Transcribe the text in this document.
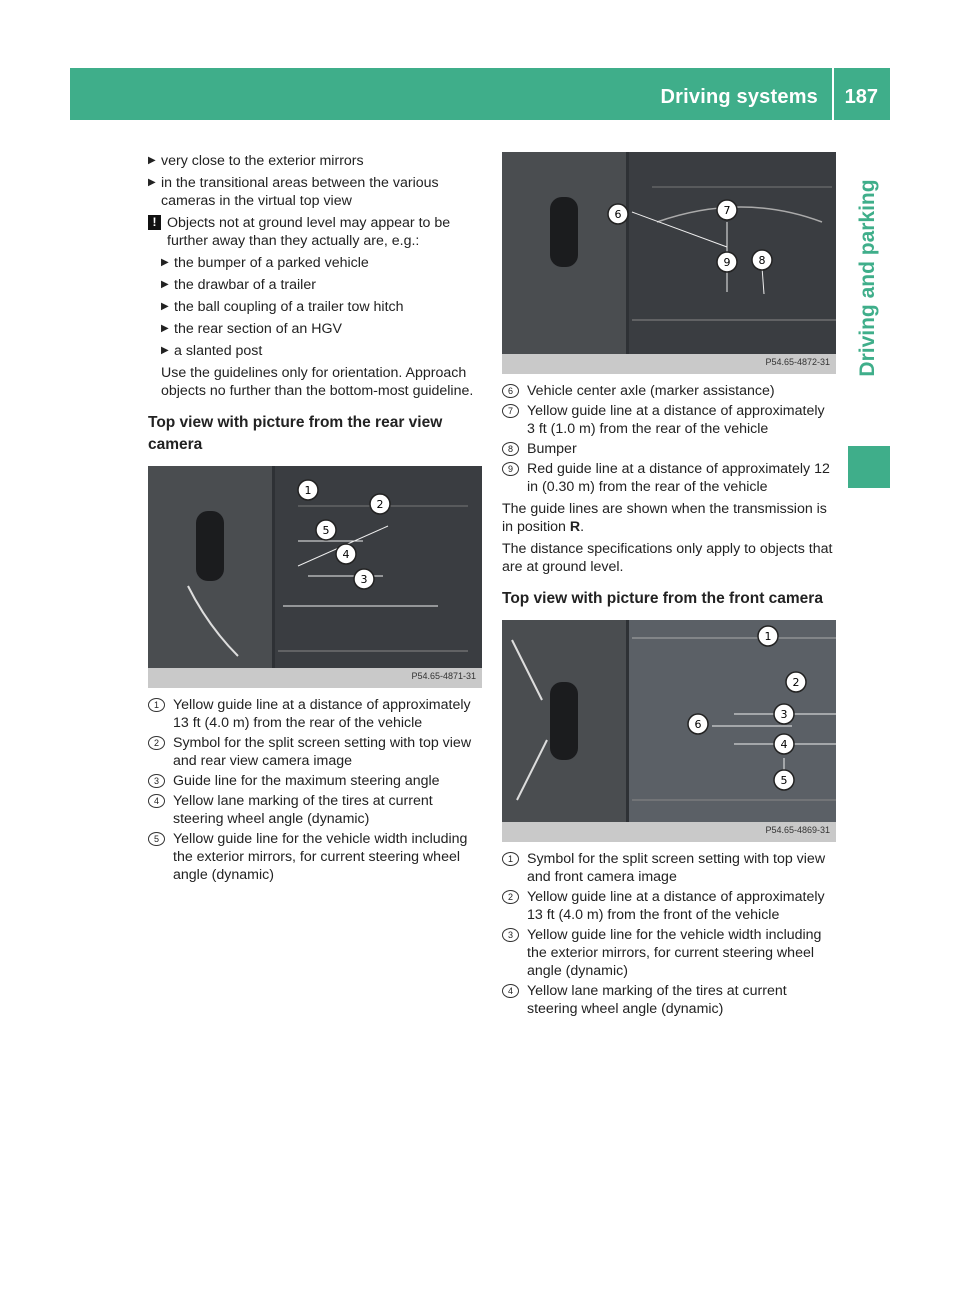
Driving systems 187
Driving and parking
▶ very close to the exterior mirrors
▶ in the transitional areas between the various cameras in the virtual top view
! Objects not at ground level may appear to be further away than they actually are, e.g.:
▶ the bumper of a parked vehicle
▶ the drawbar of a trailer
▶ the ball coupling of a trailer tow hitch
▶ the rear section of an HGV
▶ a slanted post
Use the guidelines only for orientation. Approach objects no further than the bottom-most guideline.
Top view with picture from the rear view camera
1
2
3
4
5
P54.65-4871-31
1 Yellow guide line at a distance of approximately 13 ft (4.0 m) from the rear of the vehicle
2 Symbol for the split screen setting with top view and rear view camera image
3 Guide line for the maximum steering angle
4 Yellow lane marking of the tires at current steering wheel angle (dynamic)
5 Yellow guide line for the vehicle width including the exterior mirrors, for current steering wheel angle (dynamic)
6	7
8
9
P54.65-4872-31
6 Vehicle center axle (marker assistance)
7 Yellow guide line at a distance of approximately 3 ft (1.0 m) from the rear of the vehicle
8 Bumper
9 Red guide line at a distance of approximately 12 in (0.30 m) from the rear of the vehicle
The guide lines are shown when the transmission is in position R.
The distance specifications only apply to objects that are at ground level.
Top view with picture from the front camera
1
2
3
4
5
6
P54.65-4869-31
1 Symbol for the split screen setting with top view and front camera image
2 Yellow guide line at a distance of approximately 13 ft (4.0 m) from the front of the vehicle
3 Yellow guide line for the vehicle width including the exterior mirrors, for current steering wheel angle (dynamic)
4 Yellow lane marking of the tires at current steering wheel angle (dynamic)
